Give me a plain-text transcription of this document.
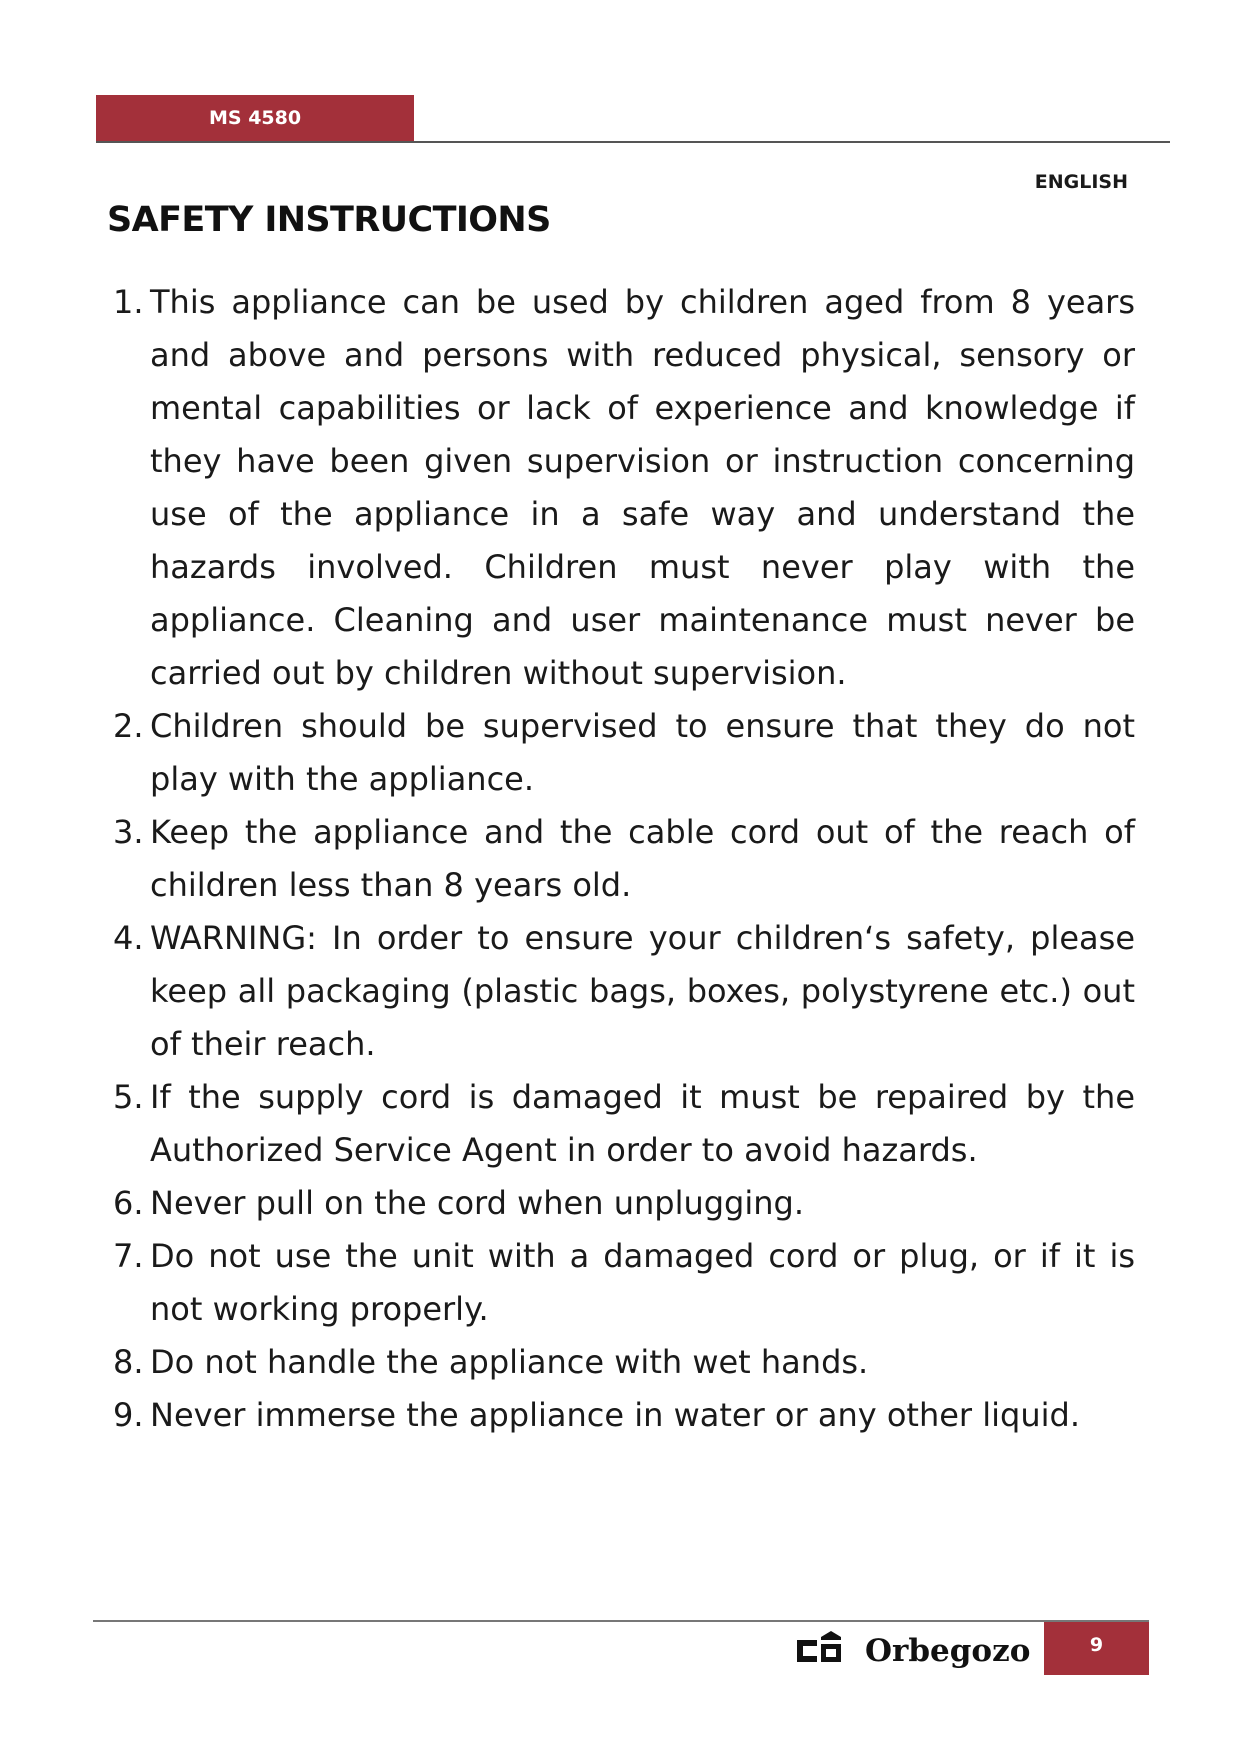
MS 4580
ENGLISH
SAFETY INSTRUCTIONS
1. This appliance can be used by children aged from 8 years and above and persons with reduced physical, sensory or mental capabilities or lack of experience and knowledge if they have been given supervision or instruction concerning use of the appliance in a safe way and understand the hazards involved. Children must never play with the appliance. Cleaning and user maintenance must never be carried out by children without supervision.
2. Children should be supervised to ensure that they do not play with the appliance.
3. Keep the appliance and the cable cord out of the reach of children less than 8 years old.
4. WARNING: In order to ensure your children‘s safety, please keep all packaging (plastic bags, boxes, polystyrene etc.) out of their reach.
5. If the supply cord is damaged it must be repaired by the Authorized Service Agent in order to avoid hazards.
6. Never pull on the cord when unplugging.
7. Do not use the unit with a damaged cord or plug, or if it is not working properly.
8. Do not handle the appliance with wet hands.
9. Never immerse the appliance in water or any other liquid.
Orbegozo	9
